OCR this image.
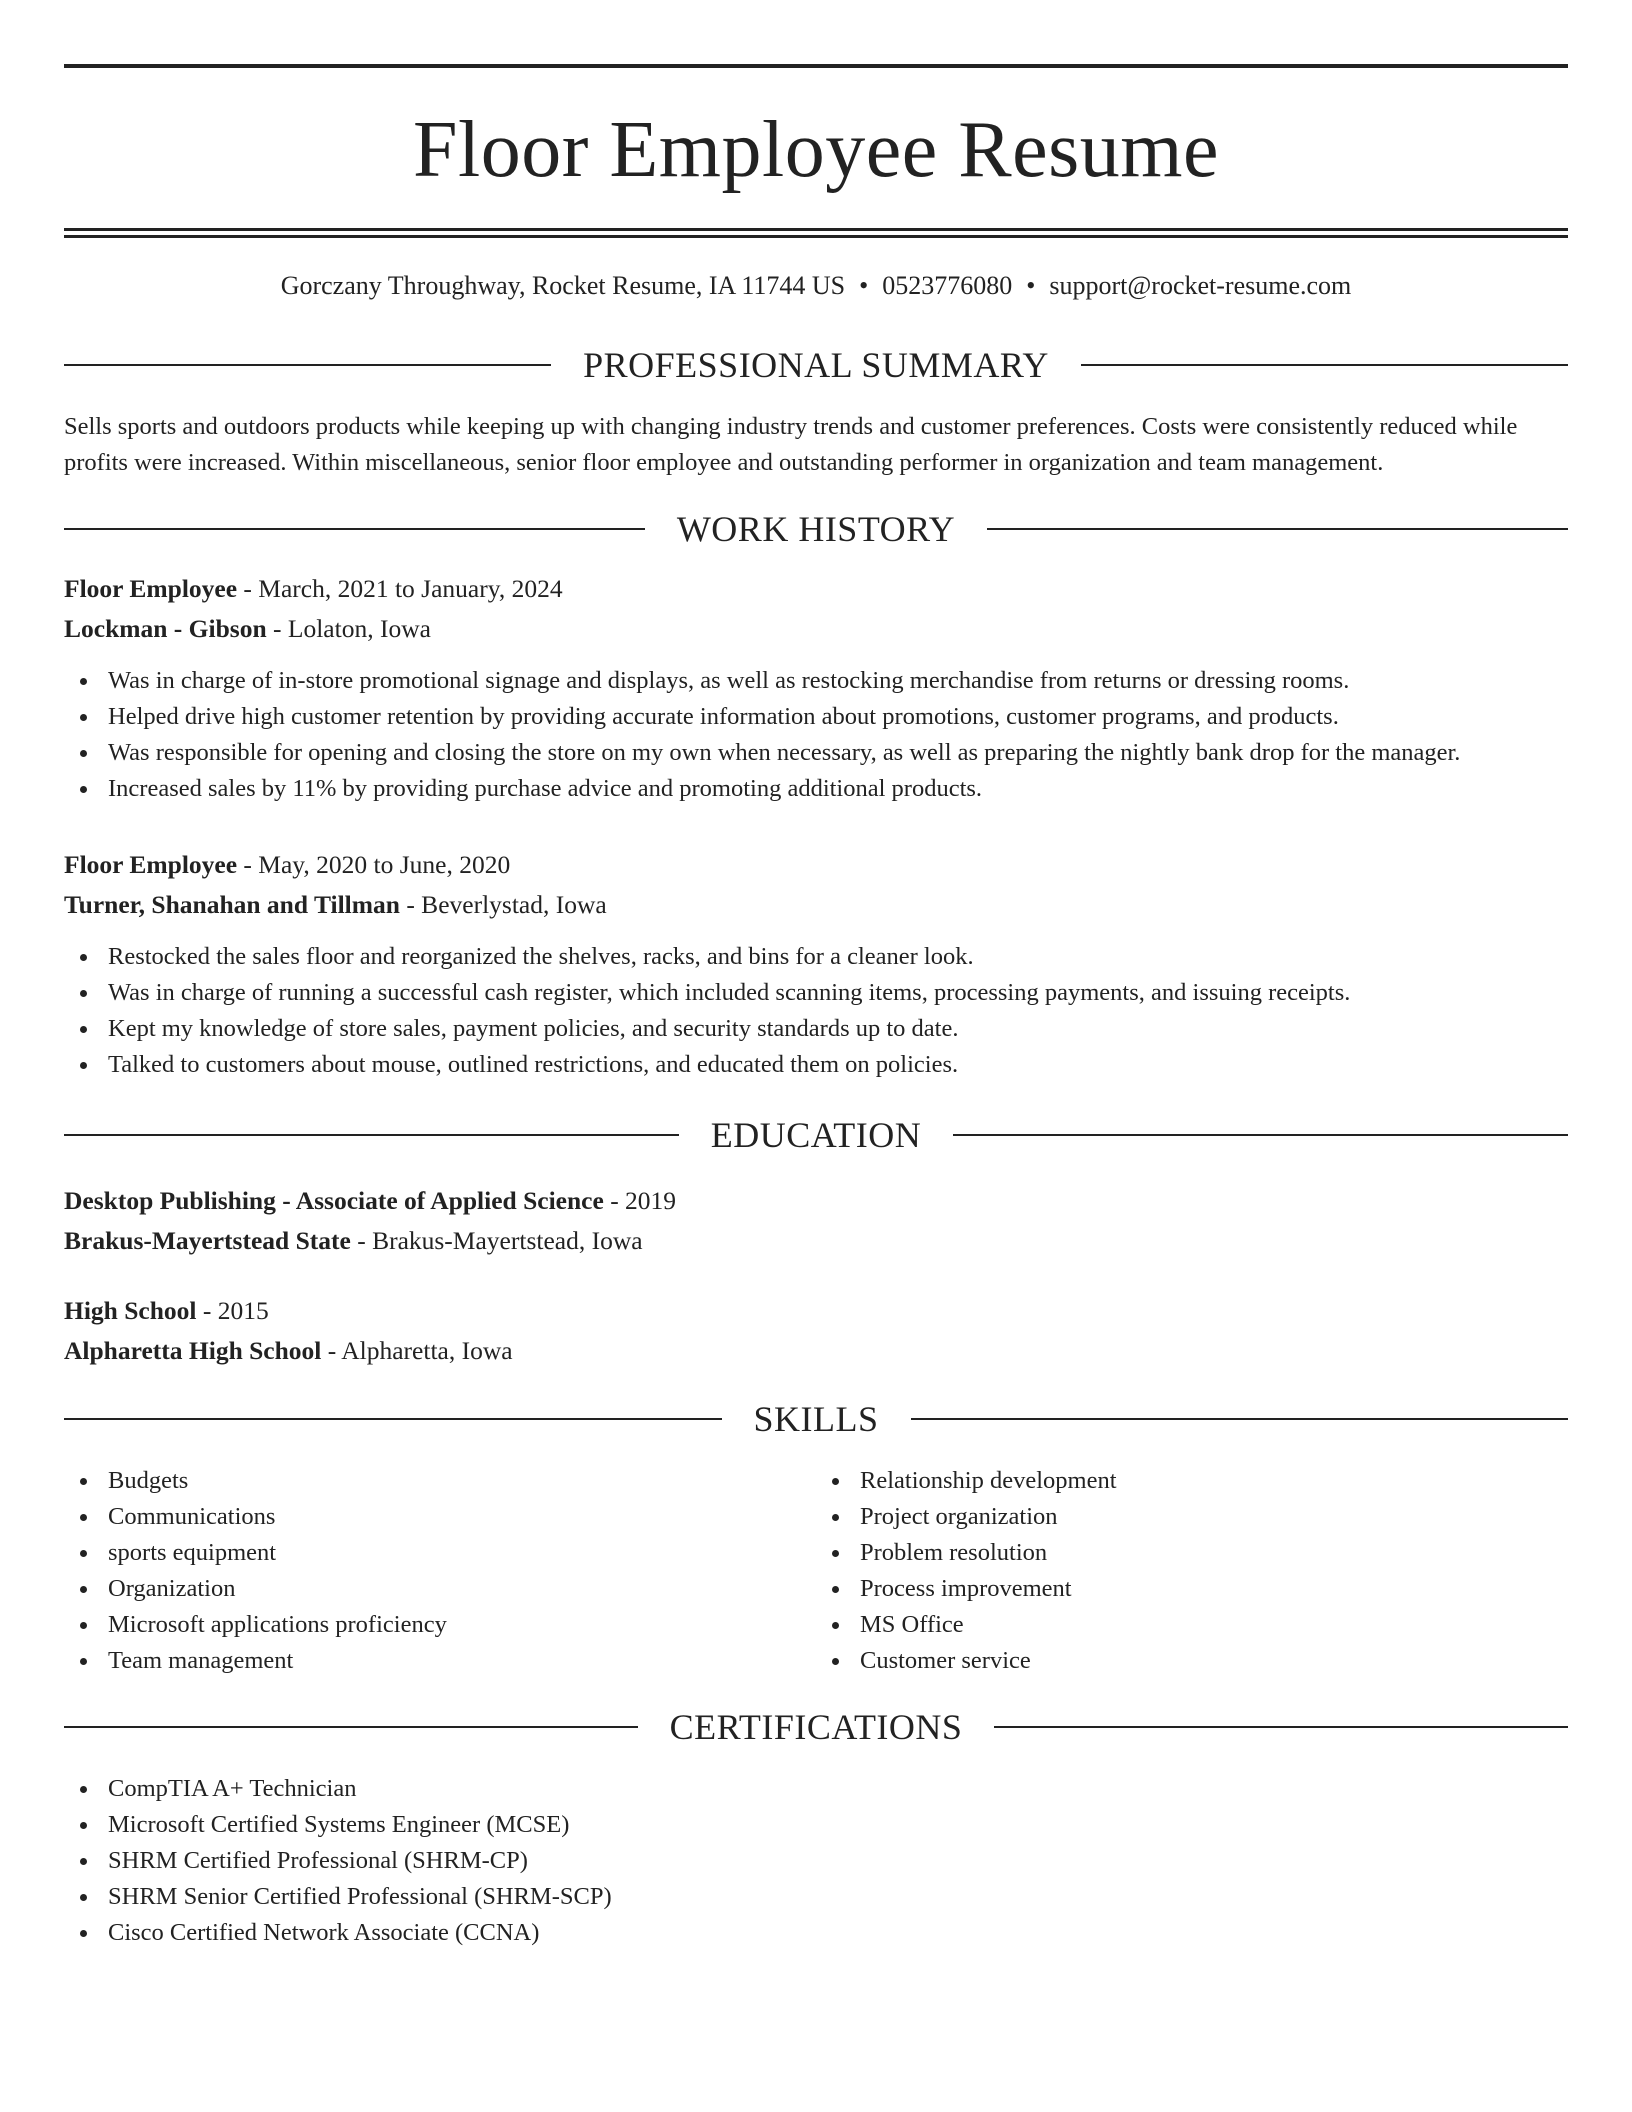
Floor Employee Resume
Gorczany Throughway, Rocket Resume, IA 11744 US • 0523776080 • support@rocket-resume.com
PROFESSIONAL SUMMARY
Sells sports and outdoors products while keeping up with changing industry trends and customer preferences. Costs were consistently reduced while profits were increased. Within miscellaneous, senior floor employee and outstanding performer in organization and team management.
WORK HISTORY
Floor Employee - March, 2021 to January, 2024
Lockman - Gibson - Lolaton, Iowa
Was in charge of in-store promotional signage and displays, as well as restocking merchandise from returns or dressing rooms.
Helped drive high customer retention by providing accurate information about promotions, customer programs, and products.
Was responsible for opening and closing the store on my own when necessary, as well as preparing the nightly bank drop for the manager.
Increased sales by 11% by providing purchase advice and promoting additional products.
Floor Employee - May, 2020 to June, 2020
Turner, Shanahan and Tillman - Beverlystad, Iowa
Restocked the sales floor and reorganized the shelves, racks, and bins for a cleaner look.
Was in charge of running a successful cash register, which included scanning items, processing payments, and issuing receipts.
Kept my knowledge of store sales, payment policies, and security standards up to date.
Talked to customers about mouse, outlined restrictions, and educated them on policies.
EDUCATION
Desktop Publishing - Associate of Applied Science - 2019
Brakus-Mayertstead State - Brakus-Mayertstead, Iowa
High School - 2015
Alpharetta High School - Alpharetta, Iowa
SKILLS
Budgets
Communications
sports equipment
Organization
Microsoft applications proficiency
Team management
Relationship development
Project organization
Problem resolution
Process improvement
MS Office
Customer service
CERTIFICATIONS
CompTIA A+ Technician
Microsoft Certified Systems Engineer (MCSE)
SHRM Certified Professional (SHRM-CP)
SHRM Senior Certified Professional (SHRM-SCP)
Cisco Certified Network Associate (CCNA)
